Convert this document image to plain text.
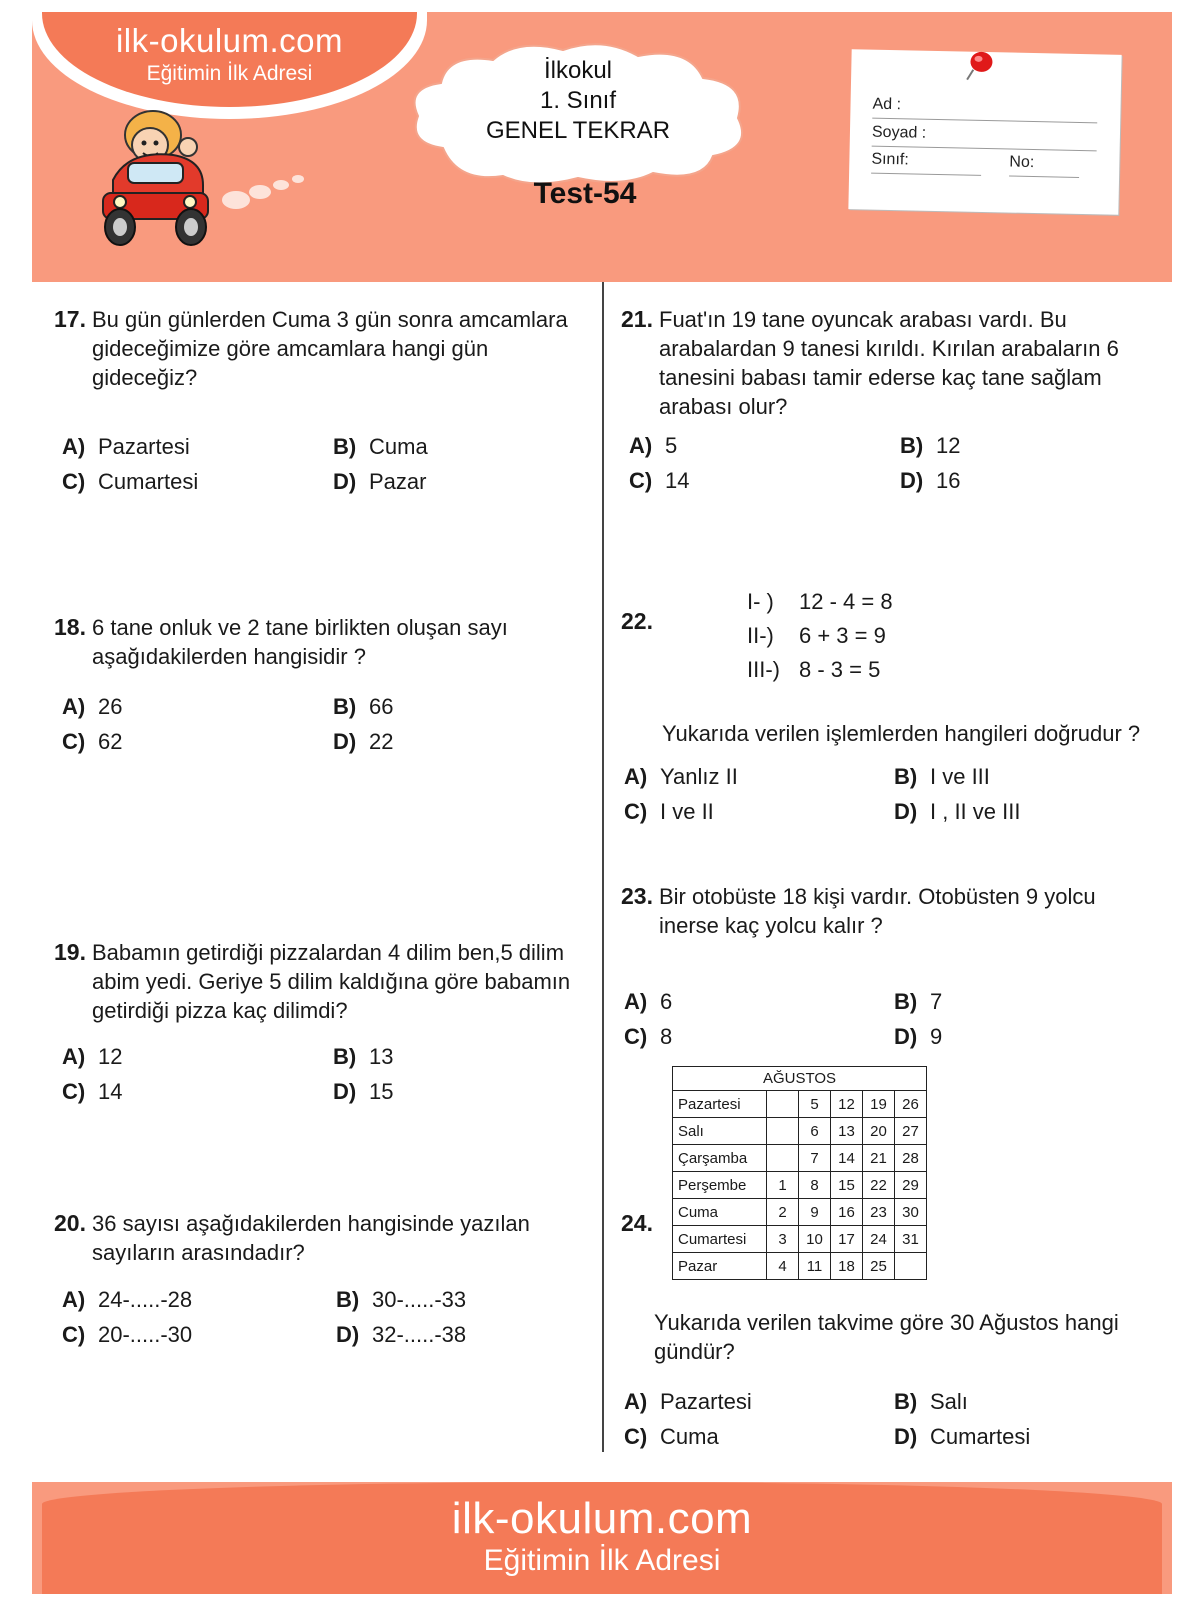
ilk-okulum.com
Eğitimin İlk Adresi	İlkokul
1. Sınıf
GENEL TEKRAR
Test-54
Ad :
Soyad :
Sınıf:	No:
17. Bu gün günlerden Cuma 3 gün sonra amcamlara gideceğimize göre amcamlara hangi gün gideceğiz?
A) Pazartesi	B) Cuma
C) Cumartesi	D) Pazar
18. 6 tane onluk ve 2 tane birlikten oluşan sayı aşağıdakilerden hangisidir ?
A) 26	B) 66
C) 62	D) 22
19. Babamın getirdiği pizzalardan 4 dilim ben,5 dilim abim yedi. Geriye 5 dilim kaldığına göre babamın getirdiği pizza kaç dilimdi?
A) 12	B) 13
C) 14	D) 15
20. 36 sayısı aşağıdakilerden hangisinde yazılan sayıların arasındadır?
A) 24-.....-28	B) 30-.....-33
C) 20-.....-30	D) 32-.....-38
21. Fuat'ın 19 tane oyuncak arabası vardı. Bu arabalardan 9 tanesi kırıldı. Kırılan arabaların 6 tanesini babası tamir ederse kaç tane sağlam arabası olur?
A) 5	B) 12
C) 14	D) 16
22.
I- ) 12 - 4 = 8
II-) 6 + 3 = 9
III-) 8 - 3 = 5
Yukarıda verilen işlemlerden hangileri doğrudur ?
A) Yanlız II	B) I ve III
C) I ve II	D) I , II ve III
23. Bir otobüste 18 kişi vardır. Otobüsten 9 yolcu inerse kaç yolcu kalır ?
A) 6	B) 7
C) 8	D) 9
24.
AĞUSTOS					
Pazartesi		5	12	19	26
Salı		6	13	20	27
Çarşamba		7	14	21	28
Perşembe	1	8	15	22	29
Cuma	2	9	16	23	30
Cumartesi	3	10	17	24	31
Pazar	4	11	18	25	
Yukarıda verilen takvime göre 30 Ağustos hangi gündür?
A) Pazartesi	B) Salı
C) Cuma	D) Cumartesi
ilk-okulum.com
Eğitimin İlk Adresi
